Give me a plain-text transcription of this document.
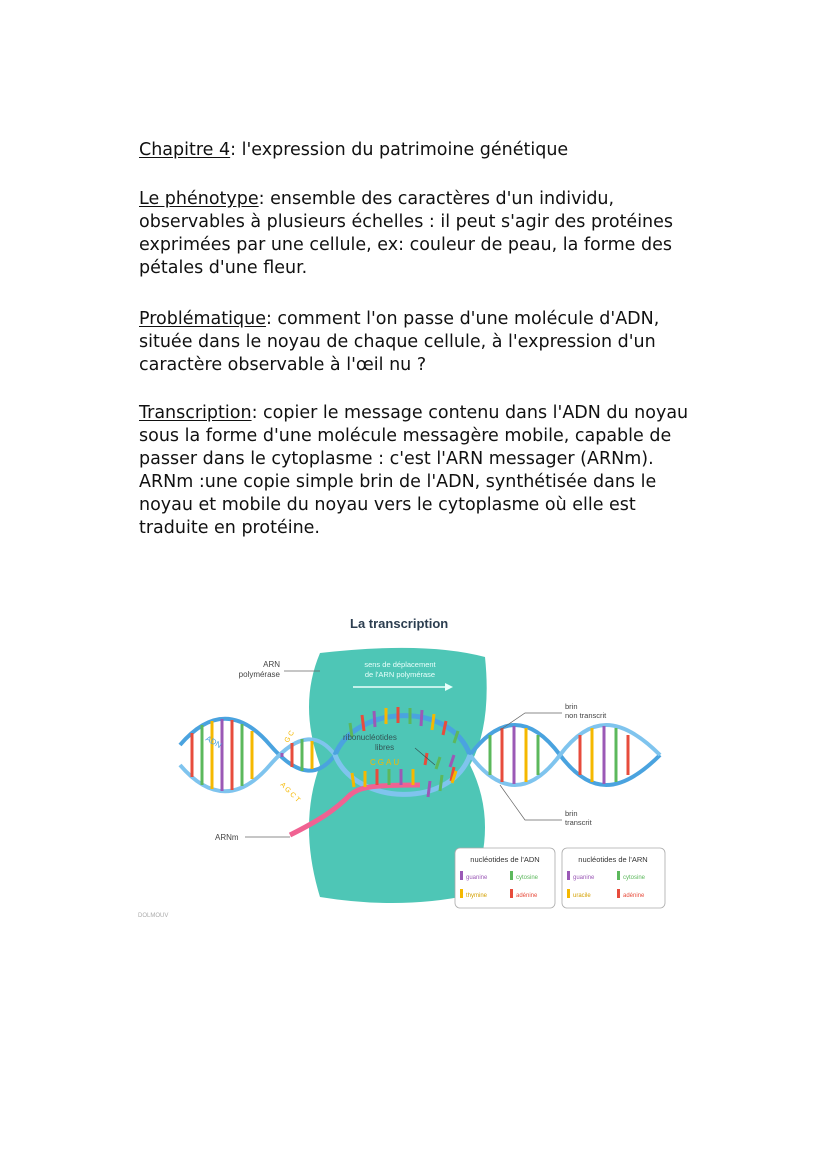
Chapitre 4: l'expression du patrimoine génétique
Le phénotype: ensemble des caractères d'un individu, observables à plusieurs échelles : il peut s'agir des protéines exprimées par une cellule, ex: couleur de peau, la forme des pétales d'une fleur.
Problématique: comment l'on passe d'une molécule d'ADN, située dans le noyau de chaque cellule, à l'expression d'un caractère observable à l'œil nu ?
Transcription: copier le message contenu dans l'ADN du noyau sous la forme d'une molécule messagère mobile, capable de passer dans le cytoplasme : c'est l'ARN messager (ARNm). ARNm :une copie simple brin de l'ADN, synthétisée dans le noyau et mobile du noyau vers le cytoplasme où elle est traduite en protéine.
La transcription
sens de déplacement
de l'ARN polymérase
ADN
CGAU
G C
A G C T
ARN
polymérase
ribonucléotides
libres
brin
non transcrit
brin
transcrit
ARNm
nucléotides de l'ADN
guanine	cytosine
thymine	adénine
nucléotides de l'ARN
guanine	cytosine
uracile	adénine
DOLMOUV
